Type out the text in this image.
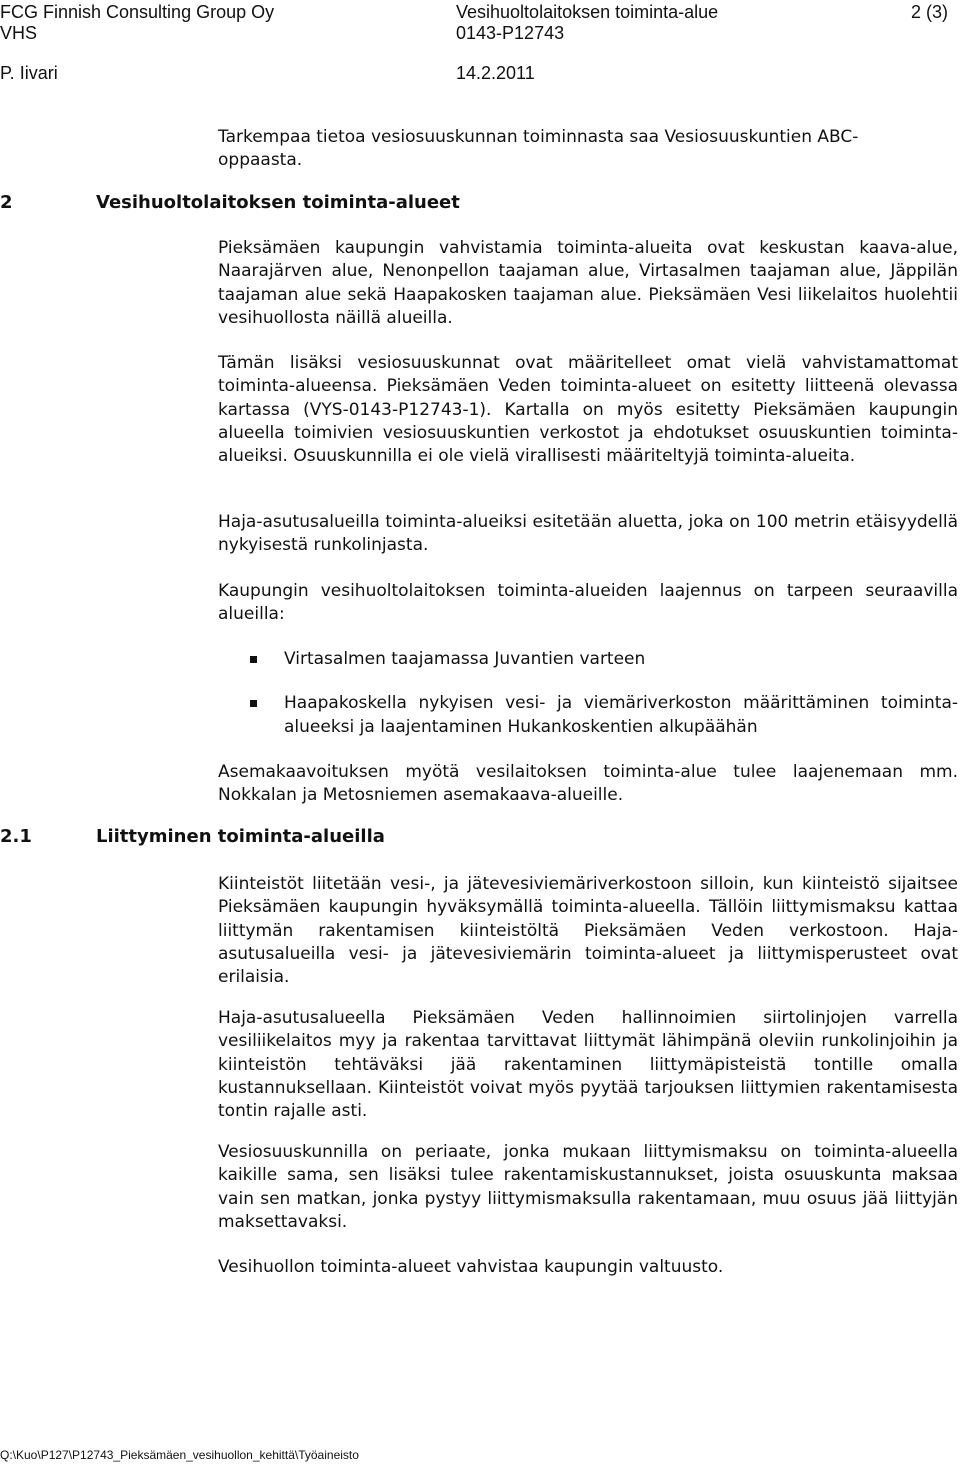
FCG Finnish Consulting Group Oy	Vesihuoltolaitoksen toiminta-alue	2 (3)
VHS	0143-P12743
P. Iivari	14.2.2011
Tarkempaa tietoa vesiosuuskunnan toiminnasta saa Vesiosuuskuntien ABC-
oppaasta.
2	Vesihuoltolaitoksen toiminta-alueet

Pieksämäen kaupungin vahvistamia toiminta-alueita ovat keskustan kaava-alue, Naarajärven alue, Nenonpellon taajaman alue, Virtasalmen taajaman alue, Jäppilän taajaman alue sekä Haapakosken taajaman alue. Pieksämäen Vesi liikelaitos huolehtii vesihuollosta näillä alueilla.

Tämän lisäksi vesiosuuskunnat ovat määritelleet omat vielä vahvistamattomat toiminta-alueensa. Pieksämäen Veden toiminta-alueet on esitetty liitteenä olevassa kartassa (VYS-0143-P12743-1). Kartalla on myös esitetty Pieksämäen kaupungin alueella toimivien vesiosuuskuntien verkostot ja ehdotukset osuuskuntien toiminta-alueiksi. Osuuskunnilla ei ole vielä virallisesti määriteltyjä toiminta-alueita.

Haja-asutusalueilla toiminta-alueiksi esitetään aluetta, joka on 100 metrin etäisyydellä nykyisestä runkolinjasta.

Kaupungin vesihuoltolaitoksen toiminta-alueiden laajennus on tarpeen seuraavilla alueilla:

Virtasalmen taajamassa Juvantien varteen
Haapakoskella nykyisen vesi- ja viemäriverkoston määrittäminen toiminta-alueeksi ja laajentaminen Hukankoskentien alkupäähän

Asemakaavoituksen myötä vesilaitoksen toiminta-alue tulee laajenemaan mm. Nokkalan ja Metosniemen asemakaava-alueille.

2.1	Liittyminen toiminta-alueilla

Kiinteistöt liitetään vesi-, ja jätevesiviemäriverkostoon silloin, kun kiinteistö sijaitsee Pieksämäen kaupungin hyväksymällä toiminta-alueella. Tällöin liittymismaksu kattaa liittymän rakentamisen kiinteistöltä Pieksämäen Veden verkostoon. Haja-asutusalueilla vesi- ja jätevesiviemärin toiminta-alueet ja liittymisperusteet ovat erilaisia.

Haja-asutusalueella Pieksämäen Veden hallinnoimien siirtolinjojen varrella vesiliikelaitos myy ja rakentaa tarvittavat liittymät lähimpänä oleviin runkolinjoihin ja kiinteistön tehtäväksi jää rakentaminen liittymäpisteistä tontille omalla kustannuksellaan. Kiinteistöt voivat myös pyytää tarjouksen liittymien rakentamisesta tontin rajalle asti.

Vesiosuuskunnilla on periaate, jonka mukaan liittymismaksu on toiminta-alueella kaikille sama, sen lisäksi tulee rakentamiskustannukset, joista osuuskunta maksaa vain sen matkan, jonka pystyy liittymismaksulla rakentamaan, muu osuus jää liittyjän maksettavaksi.

Vesihuollon toiminta-alueet vahvistaa kaupungin valtuusto.

Q:\Kuo\P127\P12743_Pieksämäen_vesihuollon_kehittä\Työaineisto
